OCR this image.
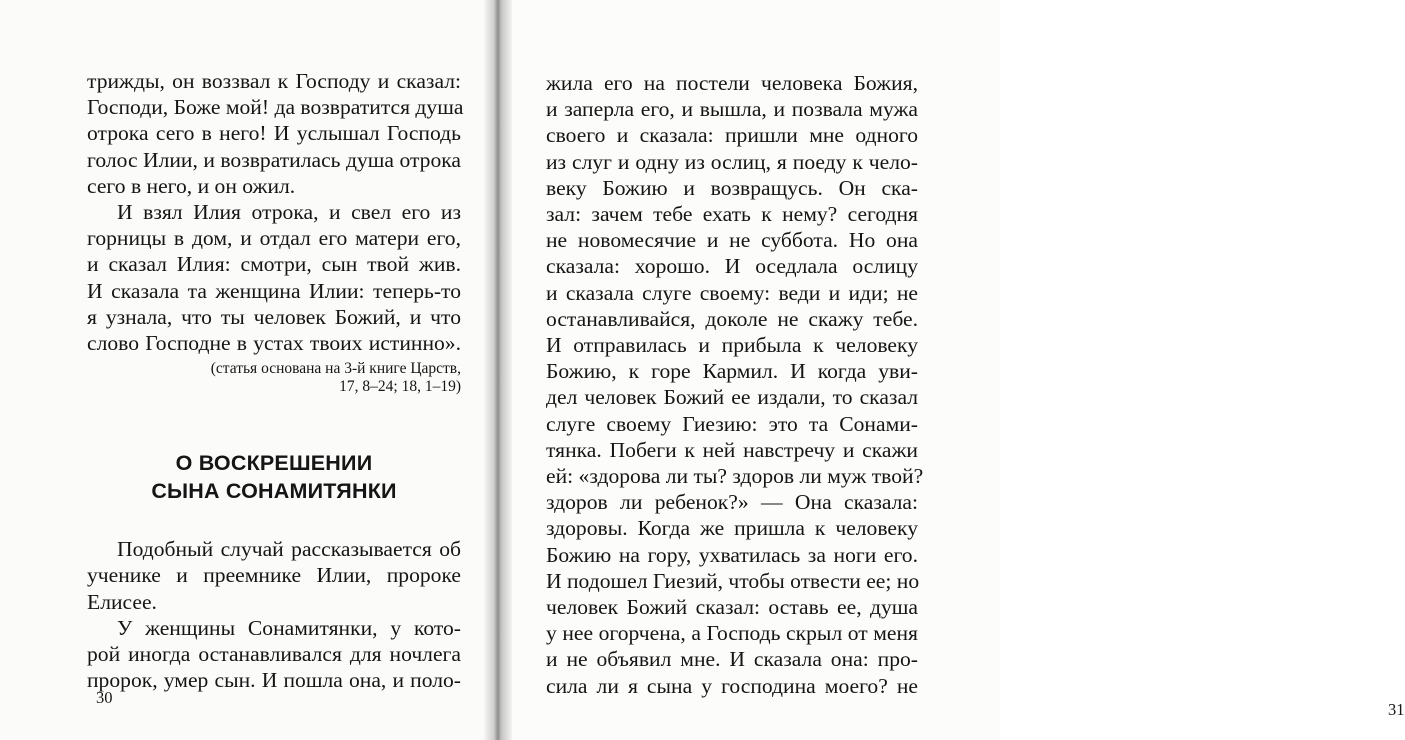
трижды, он воззвал к Господу и сказал:
Господи, Боже мой! да возвратится душа
отрока сего в него! И услышал Господь
голос Илии, и возвратилась душа отрока
сего в него, и он ожил.
И взял Илия отрока, и свел его из
горницы в дом, и отдал его матери его,
и сказал Илия: смотри, сын твой жив.
И сказала та женщина Илии: теперь-то
я узнала, что ты человек Божий, и что
слово Господне в устах твоих истинно».
(статья основана на 3-й книге Царств,
17, 8–24; 18, 1–19)
О ВОСКРЕШЕНИИ
СЫНА СОНАМИТЯНКИ
Подобный случай рассказывается об
ученике и преемнике Илии, пророке
Елисее.
У женщины Сонамитянки, у кото-
рой иногда останавливался для ночлега
пророк, умер сын. И пошла она, и поло-
30
жила его на постели человека Божия,
и заперла его, и вышла, и позвала мужа
своего и сказала: пришли мне одного
из слуг и одну из ослиц, я поеду к чело-
веку Божию и возвращусь. Он ска-
зал: зачем тебе ехать к нему? сегодня
не новомесячие и не суббота. Но она
сказала: хорошо. И оседлала ослицу
и сказала слуге своему: веди и иди; не
останавливайся, доколе не скажу тебе.
И отправилась и прибыла к человеку
Божию, к горе Кармил. И когда уви-
дел человек Божий ее издали, то сказал
слуге своему Гиезию: это та Сонами-
тянка. Побеги к ней навстречу и скажи
ей: «здорова ли ты? здоров ли муж твой?
здоров ли ребенок?» — Она сказала:
здоровы. Когда же пришла к человеку
Божию на гору, ухватилась за ноги его.
И подошел Гиезий, чтобы отвести ее; но
человек Божий сказал: оставь ее, душа
у нее огорчена, а Господь скрыл от меня
и не объявил мне. И сказала она: про-
сила ли я сына у господина моего? не
31
